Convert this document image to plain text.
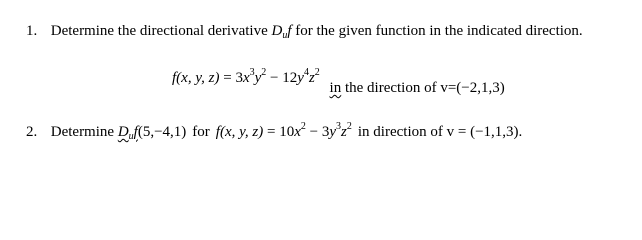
1. Determine the directional derivative $D_uf$ for the given function in the indicated direction.
f(x, y, $z) = 3x^3y^2 - 12y^4z^2$ in the direction of v=(−2,1,3)
2. Determine $D_uf(5,-4,1)$ for f(x, y, $z) = 10x^2 - 3y^3z^2$ in direction of v = (−1,1,3).
